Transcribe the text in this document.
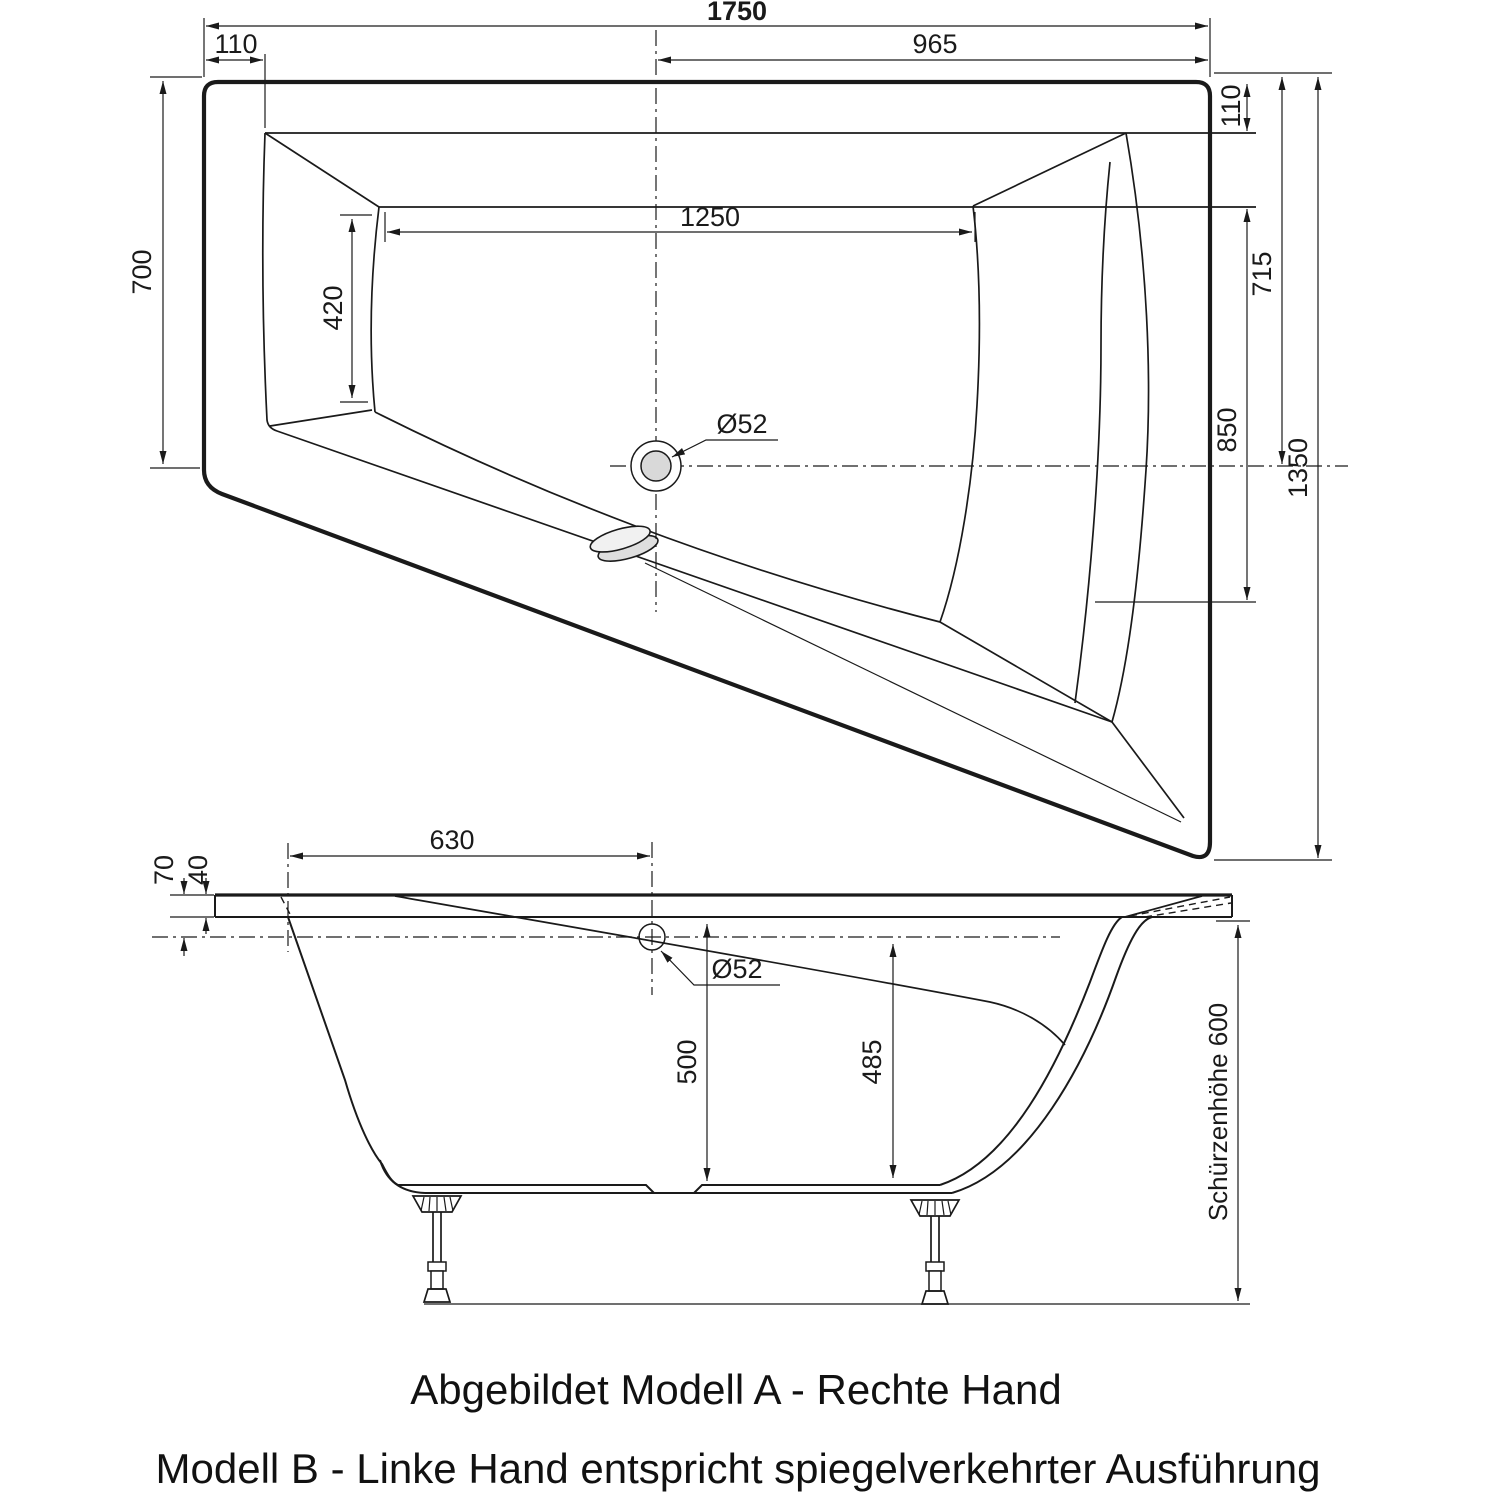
1750
110	965
110
715
850
1350
1250
420
700
Ø52
70 40
630
Ø52
500	485	Schürzenhöhe 600
Abgebildet Modell A - Rechte Hand
Modell B - Linke Hand entspricht spiegelverkehrter Ausführung
